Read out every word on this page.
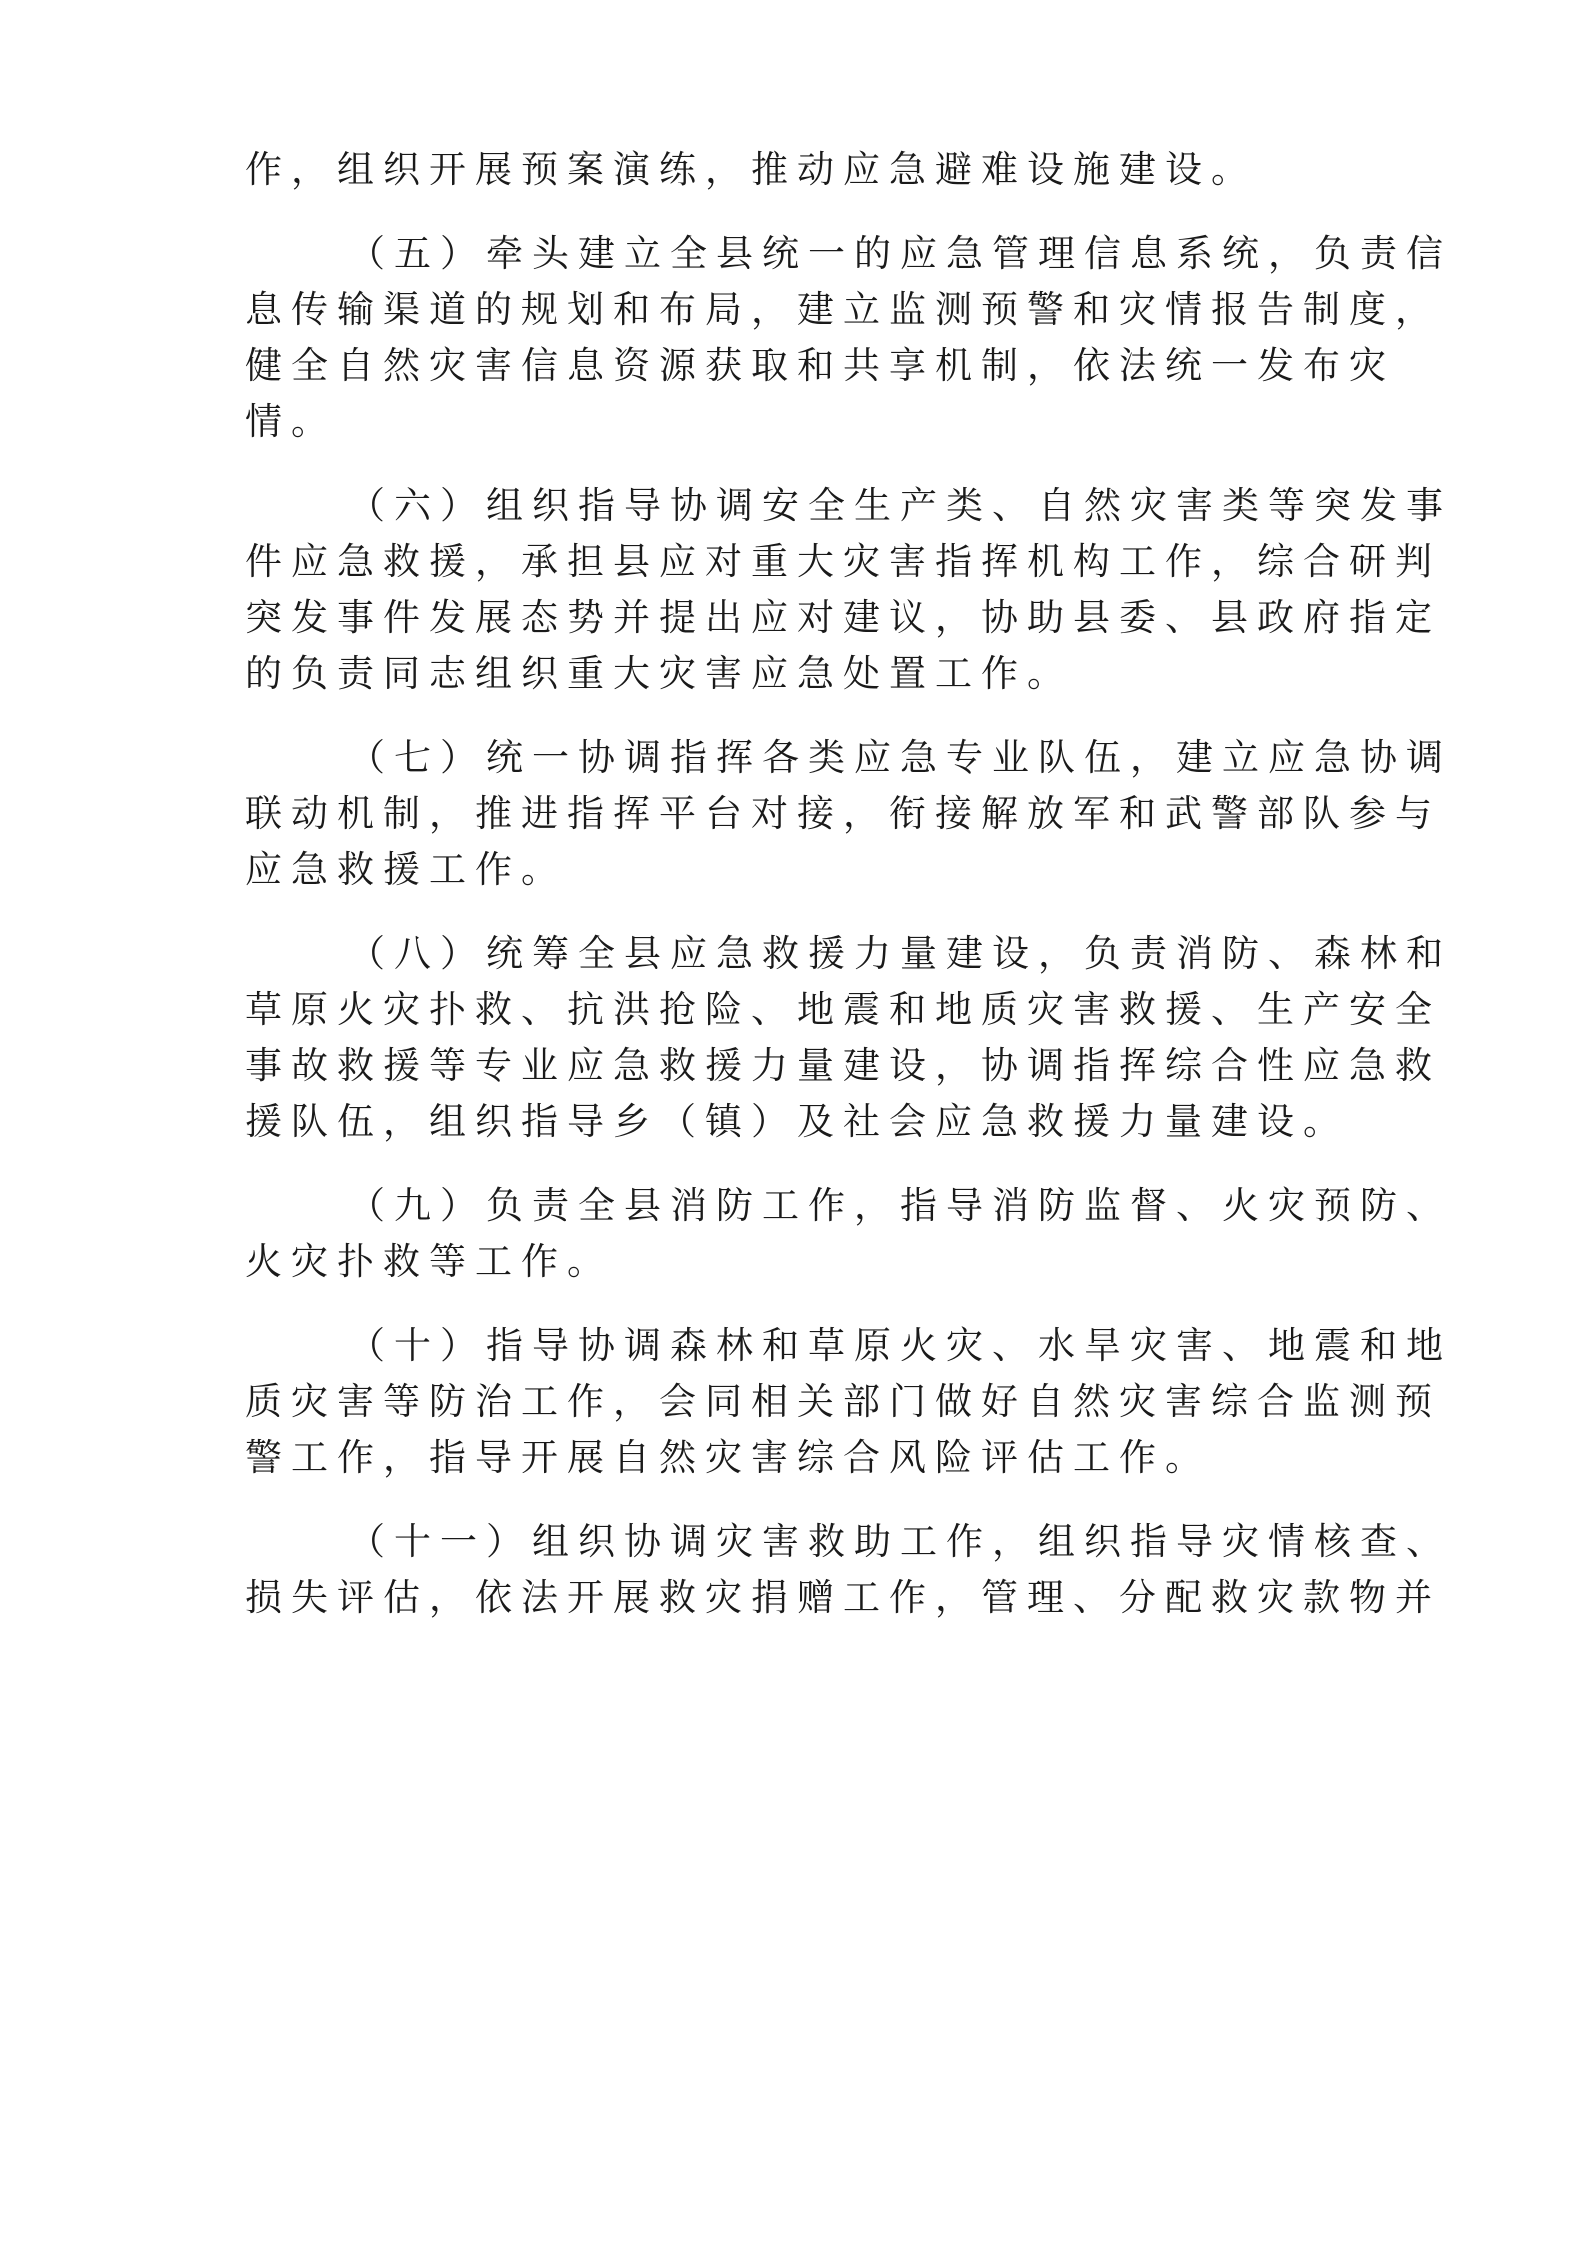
作，组织开展预案演练，推动应急避难设施建设。
（五）牵头建立全县统一的应急管理信息系统，负责信
息传输渠道的规划和布局，建立监测预警和灾情报告制度，
健全自然灾害信息资源获取和共享机制，依法统一发布灾
情。
（六）组织指导协调安全生产类、自然灾害类等突发事
件应急救援，承担县应对重大灾害指挥机构工作，综合研判
突发事件发展态势并提出应对建议，协助县委、县政府指定
的负责同志组织重大灾害应急处置工作。
（七）统一协调指挥各类应急专业队伍，建立应急协调
联动机制，推进指挥平台对接，衔接解放军和武警部队参与
应急救援工作。
（八）统筹全县应急救援力量建设，负责消防、森林和
草原火灾扑救、抗洪抢险、地震和地质灾害救援、生产安全
事故救援等专业应急救援力量建设，协调指挥综合性应急救
援队伍，组织指导乡（镇）及社会应急救援力量建设。
（九）负责全县消防工作，指导消防监督、火灾预防、
火灾扑救等工作。
（十）指导协调森林和草原火灾、水旱灾害、地震和地
质灾害等防治工作，会同相关部门做好自然灾害综合监测预
警工作，指导开展自然灾害综合风险评估工作。
（十一）组织协调灾害救助工作，组织指导灾情核查、
损失评估，依法开展救灾捐赠工作，管理、分配救灾款物并
